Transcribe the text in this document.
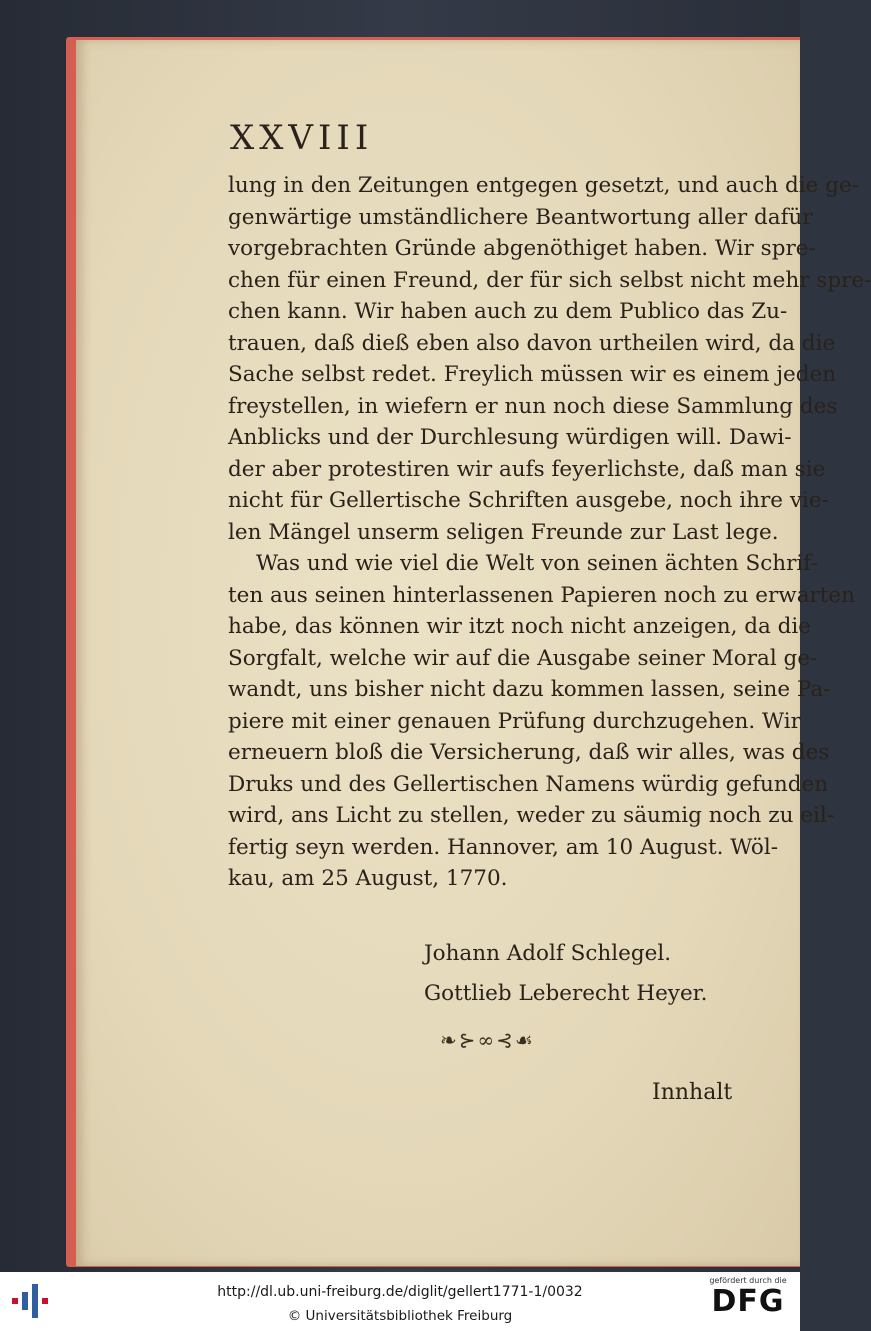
XXVIII
lung in den Zeitungen entgegen gesetzt, und auch die ge-
genwärtige umständlichere Beantwortung aller dafür
vorgebrachten Gründe abgenöthiget haben. Wir spre-
chen für einen Freund, der für sich selbst nicht mehr spre-
chen kann. Wir haben auch zu dem Publico das Zu-
trauen, daß dieß eben also davon urtheilen wird, da die
Sache selbst redet. Freylich müssen wir es einem jeden
freystellen, in wiefern er nun noch diese Sammlung des
Anblicks und der Durchlesung würdigen will. Dawi-
der aber protestiren wir aufs feyerlichste, daß man sie
nicht für Gellertische Schriften ausgebe, noch ihre vie-
len Mängel unserm seligen Freunde zur Last lege.
Was und wie viel die Welt von seinen ächten Schrif-
ten aus seinen hinterlassenen Papieren noch zu erwarten
habe, das können wir itzt noch nicht anzeigen, da die
Sorgfalt, welche wir auf die Ausgabe seiner Moral ge-
wandt, uns bisher nicht dazu kommen lassen, seine Pa-
piere mit einer genauen Prüfung durchzugehen. Wir
erneuern bloß die Versicherung, daß wir alles, was des
Druks und des Gellertischen Namens würdig gefunden
wird, ans Licht zu stellen, weder zu säumig noch zu eil-
fertig seyn werden. Hannover, am 10 August. Wöl-
kau, am 25 August, 1770.
Johann Adolf Schlegel.
Gottlieb Leberecht Heyer.
❧⊱∞⊰☙
Innhalt
http://dl.ub.uni-freiburg.de/diglit/gellert1771-1/0032
© Universitätsbibliothek Freiburg
gefördert durch die
DFG
